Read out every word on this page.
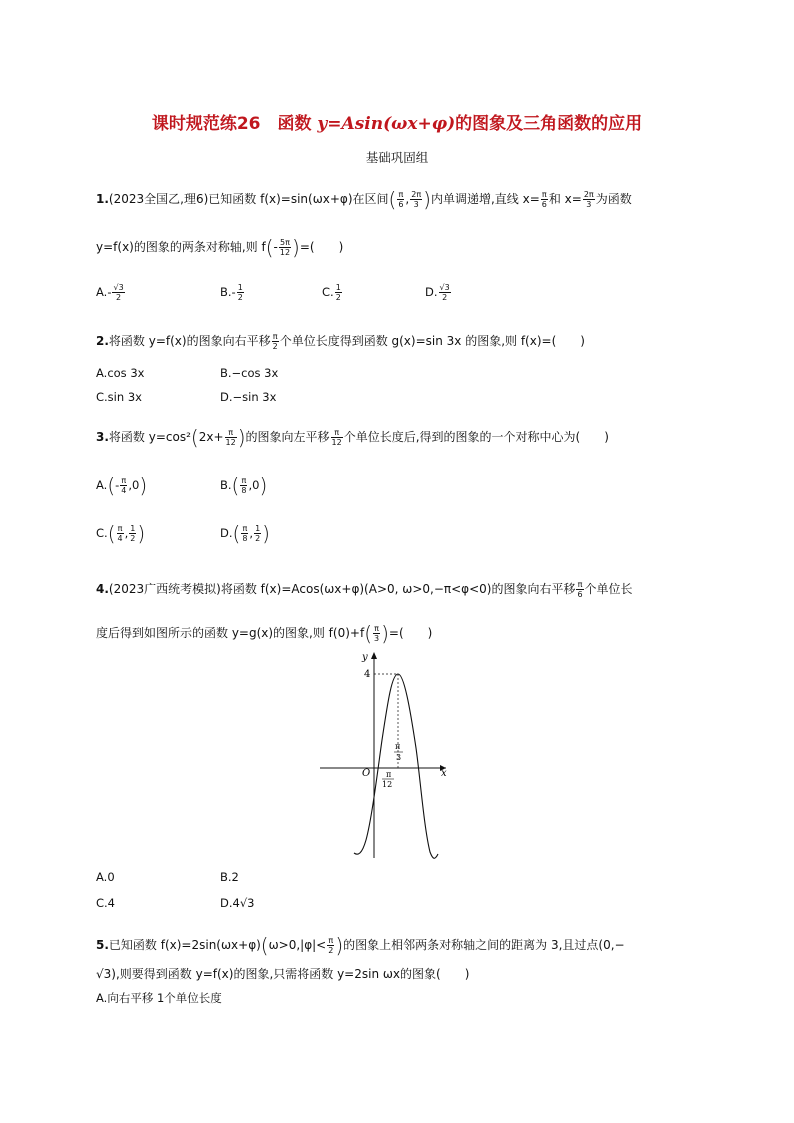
课时规范练26　函数 y=Asin(ωx+φ)的图象及三角函数的应用
基础巩固组
1.(2023全国乙,理6)已知函数 f(x)=sin(ωx+φ)在区间( $\frac{\pi}{6}$ , $\frac{2\pi}{3}$ )内单调递增,直线 $x= \frac{\pi}{6}$ 和 $x= \frac{2\pi}{3}$ 为函数
y=f(x)的图象的两条对称轴,则 $f(- \frac{5\pi}{12}$ )=(　　)
$A.- \frac{√3}{2}$	$B.- \frac{1}{2}$	C. $\frac{1}{2}$	D. $\frac{√3}{2}$
2.将函数 y=f(x)的图象向右平移 $\frac{\pi}{2}$ 个单位长度得到函数 g(x)=sin 3x 的图象,则 f(x)=(　　)
A.cos 3x	B.−cos 3x
C.sin 3x	D.−sin 3x
3.将函数 $y=\cos^2(2x+ \frac{\pi}{12}$ )的图象向左平移 $\frac{\pi}{12}$ 个单位长度后,得到的图象的一个对称中心为(　　)
$A.(- \frac{\pi}{4} ,0)$	$B.( \frac{\pi}{8} ,0)$
$C.( \frac{\pi}{4}$ , $\frac{1}{2}$ )	$D.( \frac{\pi}{8}$ , $\frac{1}{2}$ )
4.(2023广西统考模拟)将函数 f(x)=Acos(ωx+φ)(A>0, ω>0,−π<φ<0)的图象向右平移 $\frac{\pi}{6}$ 个单位长
度后得到如图所示的函数 y=g(x)的图象,则 $f(0)+f( \frac{\pi}{3}$ )=(　　)
y
x
O
4
π
3
π
12
A.0	B.2
C.4	D.4√3
5.已知函数 $f(x)=2\sin(\omega x+\varphi)(\omega>0,|\varphi|< \frac{\pi}{2}$ )的图象上相邻两条对称轴之间的距离为 3,且过点(0,−
√3),则要得到函数 y=f(x)的图象,只需将函数 y=2sin ωx的图象(　　)
A.向右平移 1个单位长度
